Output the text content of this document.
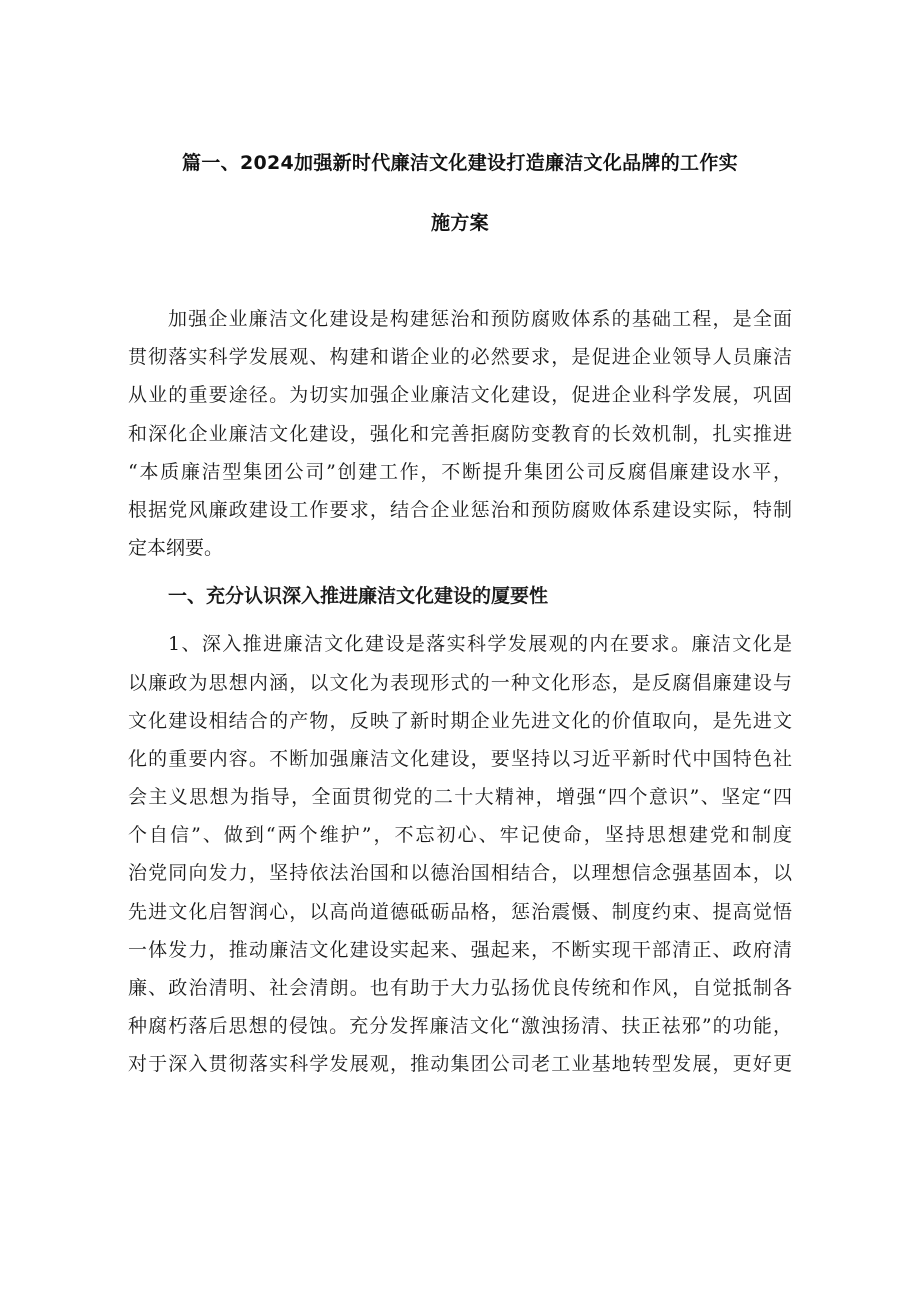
篇一、2024加强新时代廉洁文化建设打造廉洁文化品牌的工作实
施方案
加强企业廉洁文化建设是构建惩治和预防腐败体系的基础工程，是全面
贯彻落实科学发展观、构建和谐企业的必然要求，是促进企业领导人员廉洁
从业的重要途径。为切实加强企业廉洁文化建设，促进企业科学发展，巩固
和深化企业廉洁文化建设，强化和完善拒腐防变教育的长效机制，扎实推进
“本质廉洁型集团公司”创建工作，不断提升集团公司反腐倡廉建设水平，
根据党风廉政建设工作要求，结合企业惩治和预防腐败体系建设实际，特制
定本纲要。
一、充分认识深入推进廉洁文化建设的厦要性
1、深入推进廉洁文化建设是落实科学发展观的内在要求。廉洁文化是
以廉政为思想内涵，以文化为表现形式的一种文化形态，是反腐倡廉建设与
文化建设相结合的产物，反映了新时期企业先进文化的价值取向，是先进文
化的重要内容。不断加强廉洁文化建设，要坚持以习近平新时代中国特色社
会主义思想为指导，全面贯彻党的二十大精神，增强“四个意识”、坚定“四
个自信”、做到“两个维护”，不忘初心、牢记使命，坚持思想建党和制度
治党同向发力，坚持依法治国和以德治国相结合，以理想信念强基固本，以
先进文化启智润心，以高尚道德砥砺品格，惩治震慑、制度约束、提高觉悟
一体发力，推动廉洁文化建设实起来、强起来，不断实现干部清正、政府清
廉、政治清明、社会清朗。也有助于大力弘扬优良传统和作风，自觉抵制各
种腐朽落后思想的侵蚀。充分发挥廉洁文化“激浊扬清、扶正祛邪”的功能，
对于深入贯彻落实科学发展观，推动集团公司老工业基地转型发展，更好更
